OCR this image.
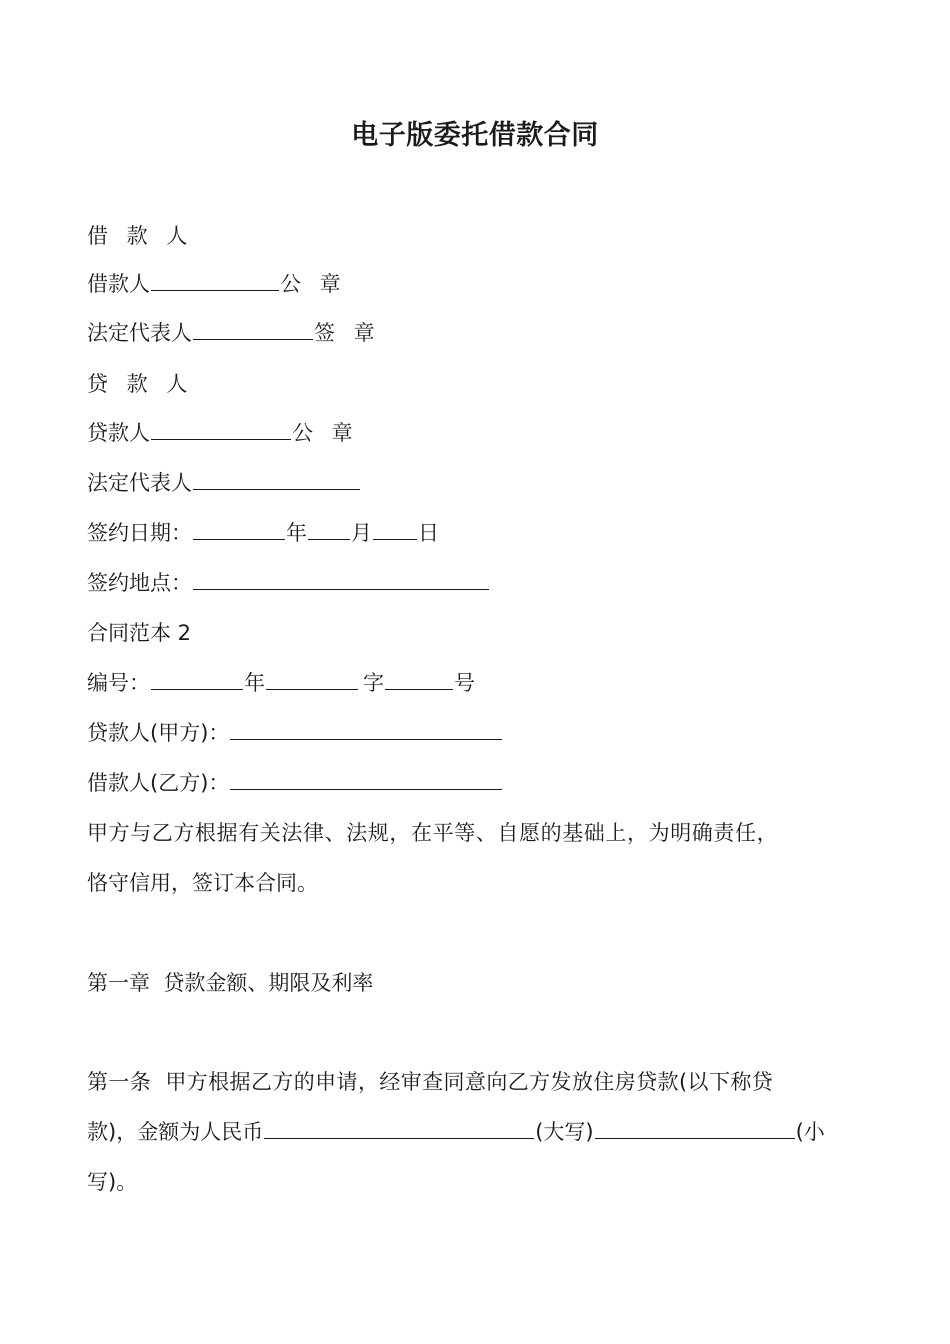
电子版委托借款合同
借 款 人
借款人	公 章
法定代表人	签 章
贷 款 人
贷款人	公 章
法定代表人
签约日期：	年 月 日
签约地点：
合同范本 2
编号：	年	字	号
贷款人(甲方)：
借款人(乙方)：
甲方与乙方根据有关法律、法规，在平等、自愿的基础上，为明确责任，
恪守信用，签订本合同。
第一章  贷款金额、期限及利率
第一条  甲方根据乙方的申请，经审查同意向乙方发放住房贷款(以下称贷
款)，金额为人民币	(大写)	(小
写)。
